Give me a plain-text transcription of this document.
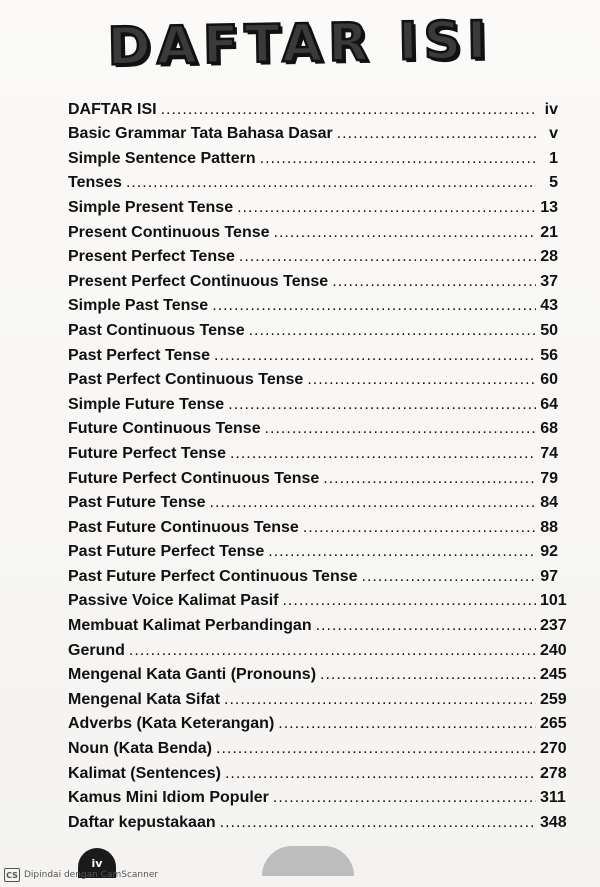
DAFTAR ISI
DAFTAR ISI .....	iv
Basic Grammar Tata Bahasa Dasar .....	v
Simple Sentence Pattern .....	1
Tenses .....	5
Simple Present Tense .....	13
Present Continuous Tense .....	21
Present Perfect Tense .....	28
Present Perfect Continuous Tense .....	37
Simple Past Tense .....	43
Past Continuous Tense .....	50
Past Perfect Tense .....	56
Past Perfect Continuous Tense .....	60
Simple Future Tense .....	64
Future Continuous Tense .....	68
Future Perfect Tense .....	74
Future Perfect Continuous Tense .....	79
Past Future Tense .....	84
Past Future Continuous Tense .....	88
Past Future Perfect Tense .....	92
Past Future Perfect Continuous Tense .....	97
Passive Voice Kalimat Pasif .....	101
Membuat Kalimat Perbandingan .....	237
Gerund .....	240
Mengenal Kata Ganti (Pronouns) .....	245
Mengenal Kata Sifat .....	259
Adverbs (Kata Keterangan) .....	265
Noun (Kata Benda) .....	270
Kalimat (Sentences) .....	278
Kamus Mini Idiom Populer .....	311
Daftar kepustakaan .....	348
iv
CS Dipindai dengan CamScanner
